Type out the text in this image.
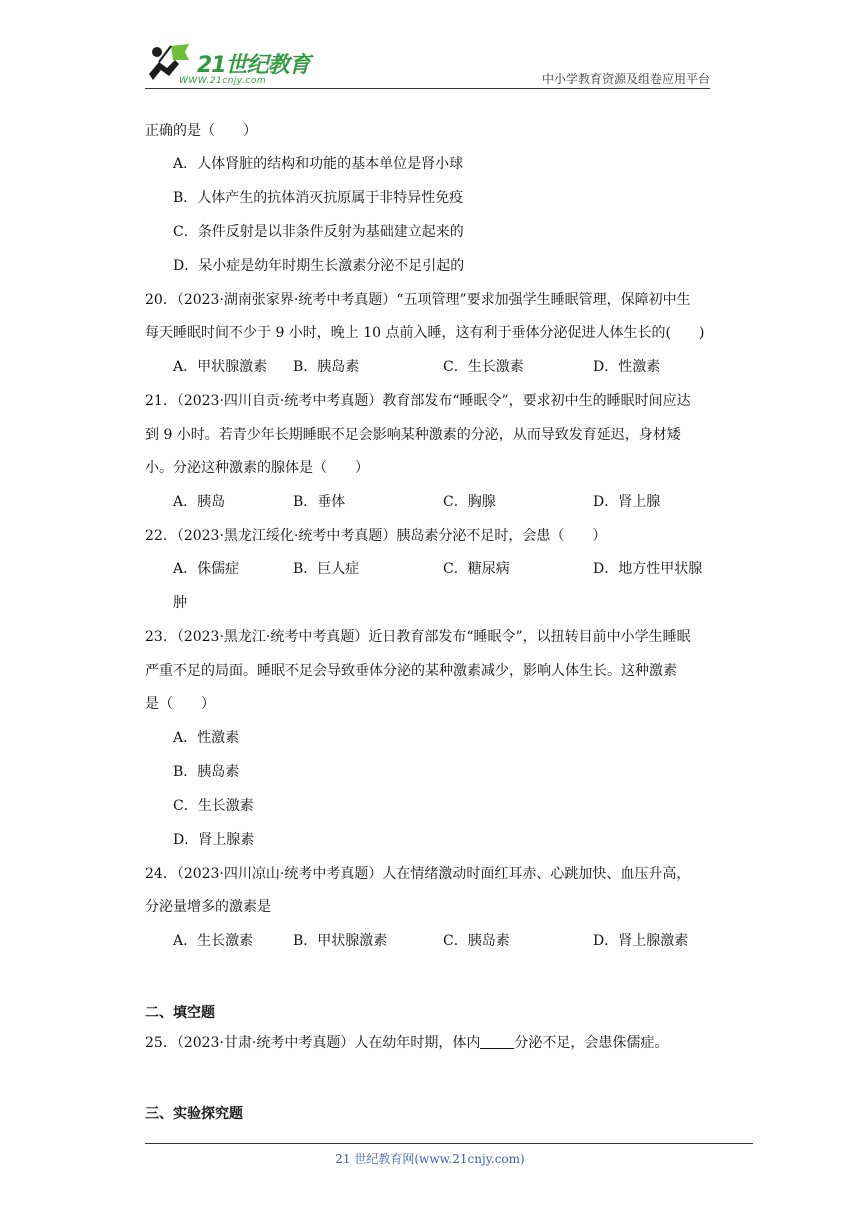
21世纪教育
WWW.21cnjy.com	中小学教育资源及组卷应用平台
正确的是（　　）
A．人体肾脏的结构和功能的基本单位是肾小球
B．人体产生的抗体消灭抗原属于非特异性免疫
C．条件反射是以非条件反射为基础建立起来的
D．呆小症是幼年时期生长激素分泌不足引起的
20．（2023·湖南张家界·统考中考真题）“五项管理”要求加强学生睡眠管理，保障初中生
每天睡眠时间不少于 9 小时，晚上 10 点前入睡，这有利于垂体分泌促进人体生长的(　　)
A．甲状腺激素 B．胰岛素	C．生长激素	D．性激素
21．（2023·四川自贡·统考中考真题）教育部发布“睡眠令”，要求初中生的睡眠时间应达
到 9 小时。若青少年长期睡眠不足会影响某种激素的分泌，从而导致发育延迟，身材矮
小。分泌这种激素的腺体是（　　）
A．胰岛	B．垂体	C．胸腺	D．肾上腺
22．（2023·黑龙江绥化·统考中考真题）胰岛素分泌不足时，会患（　　）
A．侏儒症	B．巨人症	C．糖尿病	D．地方性甲状腺
肿
23．（2023·黑龙江·统考中考真题）近日教育部发布“睡眠令”，以扭转目前中小学生睡眠
严重不足的局面。睡眠不足会导致垂体分泌的某种激素减少，影响人体生长。这种激素
是（　　）
A．性激素
B．胰岛素
C．生长激素
D．肾上腺素
24．（2023·四川凉山·统考中考真题）人在情绪激动时面红耳赤、心跳加快、血压升高，
分泌量增多的激素是
A．生长激素	B．甲状腺激素	C．胰岛素	D．肾上腺激素
二、填空题
25．（2023·甘肃·统考中考真题）人在幼年时期，体内 分泌不足，会患侏儒症。
三、实验探究题
21 世纪教育网(www.21cnjy.com)
